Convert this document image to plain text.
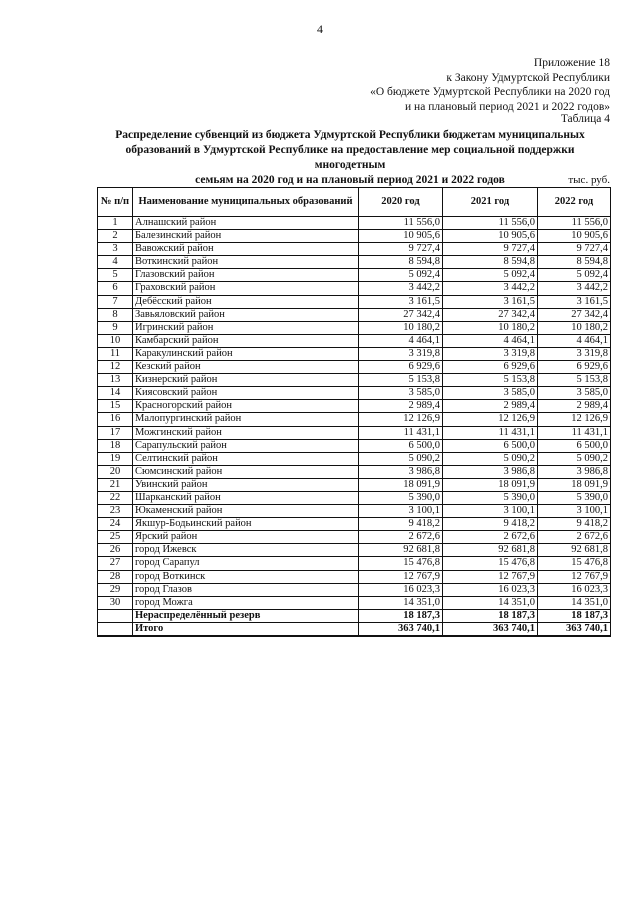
4
Приложение 18
к Закону Удмуртской Республики
«О бюджете Удмуртской Республики на 2020 год
и на плановый период 2021 и 2022 годов»
Таблица 4
Распределение субвенций из бюджета Удмуртской Республики бюджетам муниципальных
образований в Удмуртской Республике на предоставление мер социальной поддержки многодетным
семьям на 2020 год и на плановый период 2021 и 2022 годов	тыс. руб.
№ п/п	Наименование муниципальных образований	2020 год	2021 год	2022 год
1	Алнашский район	11 556,0	11 556,0	11 556,0
2	Балезинский район	10 905,6	10 905,6	10 905,6
3	Вавожский район	9 727,4	9 727,4	9 727,4
4	Воткинский район	8 594,8	8 594,8	8 594,8
5	Глазовский район	5 092,4	5 092,4	5 092,4
6	Граховский район	3 442,2	3 442,2	3 442,2
7	Дебёсский район	3 161,5	3 161,5	3 161,5
8	Завьяловский район	27 342,4	27 342,4	27 342,4
9	Игринский район	10 180,2	10 180,2	10 180,2
10	Камбарский район	4 464,1	4 464,1	4 464,1
11	Каракулинский район	3 319,8	3 319,8	3 319,8
12	Кезский район	6 929,6	6 929,6	6 929,6
13	Кизнерский район	5 153,8	5 153,8	5 153,8
14	Киясовский район	3 585,0	3 585,0	3 585,0
15	Красногорский район	2 989,4	2 989,4	2 989,4
16	Малопургинский район	12 126,9	12 126,9	12 126,9
17	Можгинский район	11 431,1	11 431,1	11 431,1
18	Сарапульский район	6 500,0	6 500,0	6 500,0
19	Селтинский район	5 090,2	5 090,2	5 090,2
20	Сюмсинский район	3 986,8	3 986,8	3 986,8
21	Увинский район	18 091,9	18 091,9	18 091,9
22	Шарканский район	5 390,0	5 390,0	5 390,0
23	Юкаменский район	3 100,1	3 100,1	3 100,1
24	Якшур-Бодьинский район	9 418,2	9 418,2	9 418,2
25	Ярский район	2 672,6	2 672,6	2 672,6
26	город Ижевск	92 681,8	92 681,8	92 681,8
27	город Сарапул	15 476,8	15 476,8	15 476,8
28	город Воткинск	12 767,9	12 767,9	12 767,9
29	город Глазов	16 023,3	16 023,3	16 023,3
30	город Можга	14 351,0	14 351,0	14 351,0
	Нераспределённый резерв	18 187,3	18 187,3	18 187,3
	Итого	363 740,1	363 740,1	363 740,1
